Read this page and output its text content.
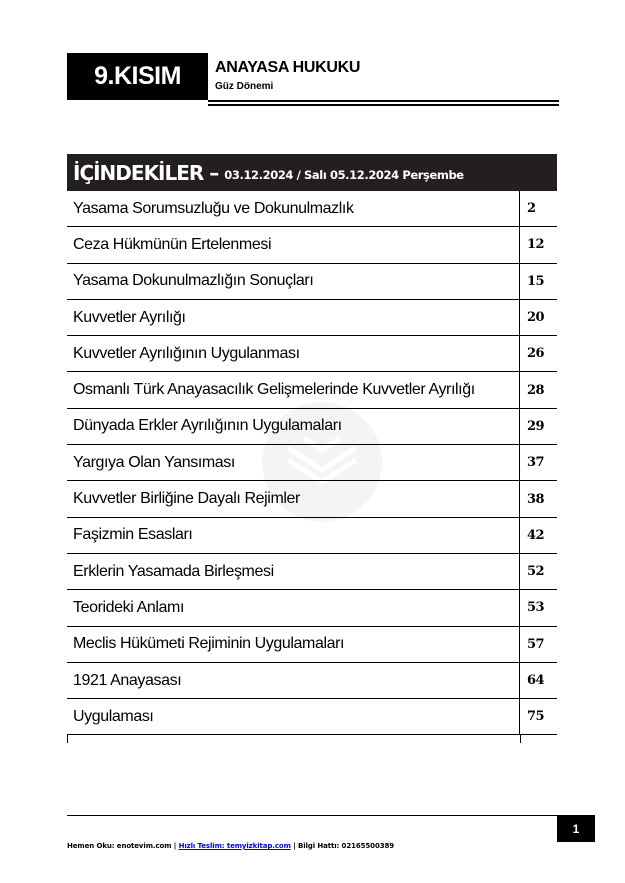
9.KISIM	ANAYASA HUKUKU
Güz Dönemi
İÇİNDEKİLER – 03.12.2024 / Salı 05.12.2024 Perşembe
Yasama Sorumsuzluğu ve Dokunulmazlık	2
Ceza Hükmünün Ertelenmesi	12
Yasama Dokunulmazlığın Sonuçları	15
Kuvvetler Ayrılığı	20
Kuvvetler Ayrılığının Uygulanması	26
Osmanlı Türk Anayasacılık Gelişmelerinde Kuvvetler Ayrılığı	28
Dünyada Erkler Ayrılığının Uygulamaları	29
Yargıya Olan Yansıması	37
Kuvvetler Birliğine Dayalı Rejimler	38
Faşizmin Esasları	42
Erklerin Yasamada Birleşmesi	52
Teorideki Anlamı	53
Meclis Hükümeti Rejiminin Uygulamaları	57
1921 Anayasası	64
Uygulaması	75
1
Hemen Oku: enotevim.com | Hızlı Teslim: temyizkitap.com | Bilgi Hattı: 02165500389
